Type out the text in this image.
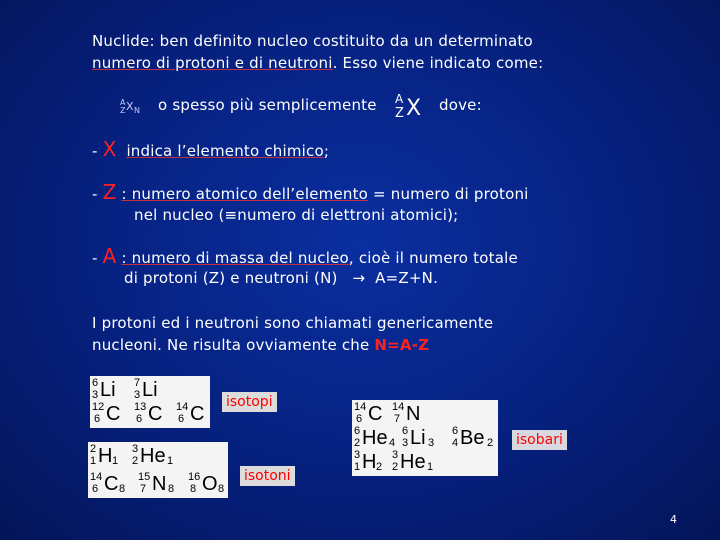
Nuclide: ben definito nucleo costituito da un determinato
numero di protoni e di neutroni. Esso viene indicato come:
A
Z X N o spesso più semplicemente A
Z X dove:
- X indica l’elemento chimico;
- Z : numero atomico dell’elemento = numero di protoni
nel nucleo (≡numero di elettroni atomici);
- A : numero di massa del nucleo, cioè il numero totale
di protoni (Z) e neutroni (N) → A=Z+N.
I protoni ed i neutroni sono chiamati genericamente
nucleoni. Ne risulta ovviamente che N=A-Z
6
3 Li 7
3 Li
12
6 C 13
6 C 14
6 C
isotopi
2
1 H 1
3
2 He 1
14
6 C 8
15
7 N 8
16
8 O 8
isotoni
14
6 C 14
7 N
6
2 He 4
6
3 Li 3
6
4 Be 2
3
1 H 2
3
2 He 1
isobari
4
